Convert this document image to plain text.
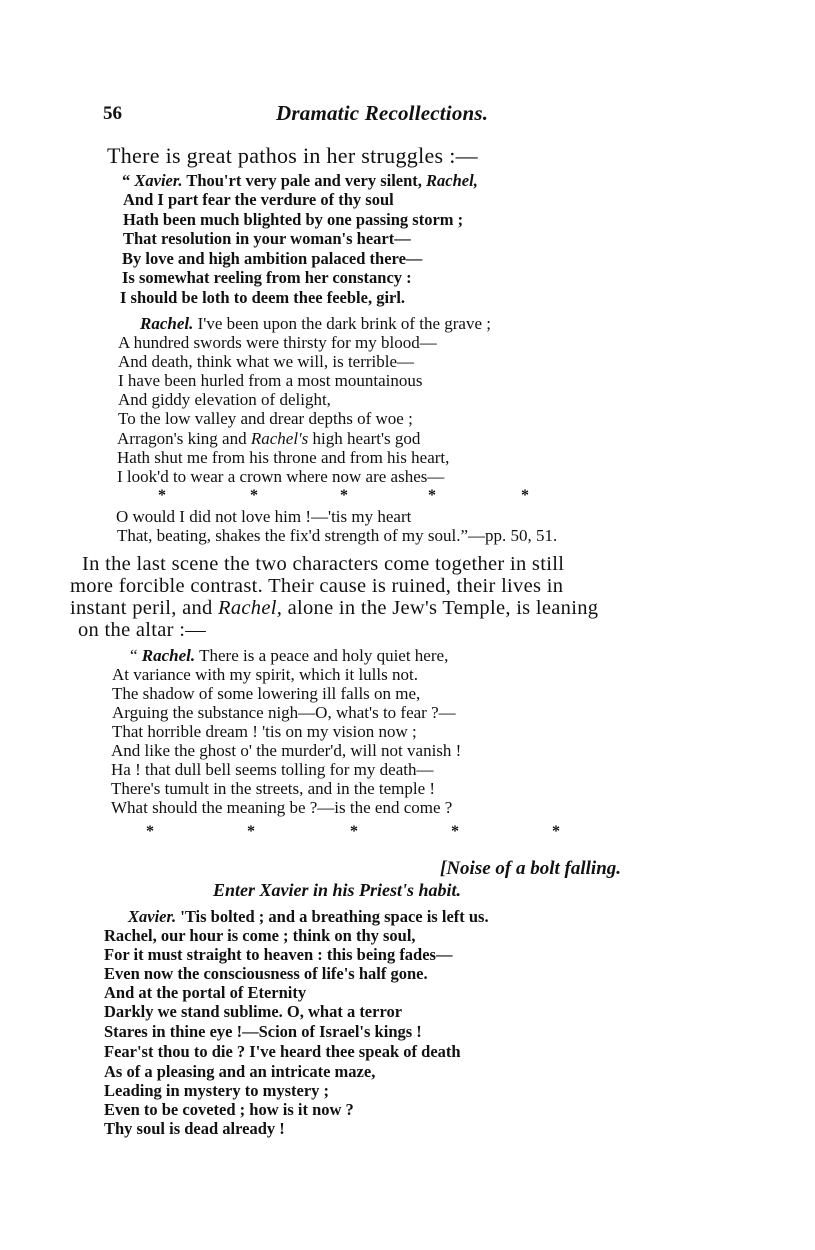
56	Dramatic Recollections.
There is great pathos in her struggles :—
“ Xavier. Thou'rt very pale and very silent, Rachel,
And I part fear the verdure of thy soul
Hath been much blighted by one passing storm ;
That resolution in your woman's heart—
By love and high ambition palaced there—
Is somewhat reeling from her constancy :
I should be loth to deem thee feeble, girl.
Rachel. I've been upon the dark brink of the grave ;
A hundred swords were thirsty for my blood—
And death, think what we will, is terrible—
I have been hurled from a most mountainous
And giddy elevation of delight,
To the low valley and drear depths of woe ;
Arragon's king and Rachel's high heart's god
Hath shut me from his throne and from his heart,
I look'd to wear a crown where now are ashes—
*	*	*	*	*
O would I did not love him !—'tis my heart
That, beating, shakes the fix'd strength of my soul.”—pp. 50, 51.
In the last scene the two characters come together in still
more forcible contrast. Their cause is ruined, their lives in
instant peril, and Rachel, alone in the Jew's Temple, is leaning
on the altar :—
“ Rachel. There is a peace and holy quiet here,
At variance with my spirit, which it lulls not.
The shadow of some lowering ill falls on me,
Arguing the substance nigh—O, what's to fear ?—
That horrible dream ! 'tis on my vision now ;
And like the ghost o' the murder'd, will not vanish !
Ha ! that dull bell seems tolling for my death—
There's tumult in the streets, and in the temple !
What should the meaning be ?—is the end come ?
*	*	*	*	*
[Noise of a bolt falling.
Enter Xavier in his Priest's habit.
Xavier. 'Tis bolted ; and a breathing space is left us.
Rachel, our hour is come ; think on thy soul,
For it must straight to heaven : this being fades—
Even now the consciousness of life's half gone.
And at the portal of Eternity
Darkly we stand sublime. O, what a terror
Stares in thine eye !—Scion of Israel's kings !
Fear'st thou to die ? I've heard thee speak of death
As of a pleasing and an intricate maze,
Leading in mystery to mystery ;
Even to be coveted ; how is it now ?
Thy soul is dead already !
